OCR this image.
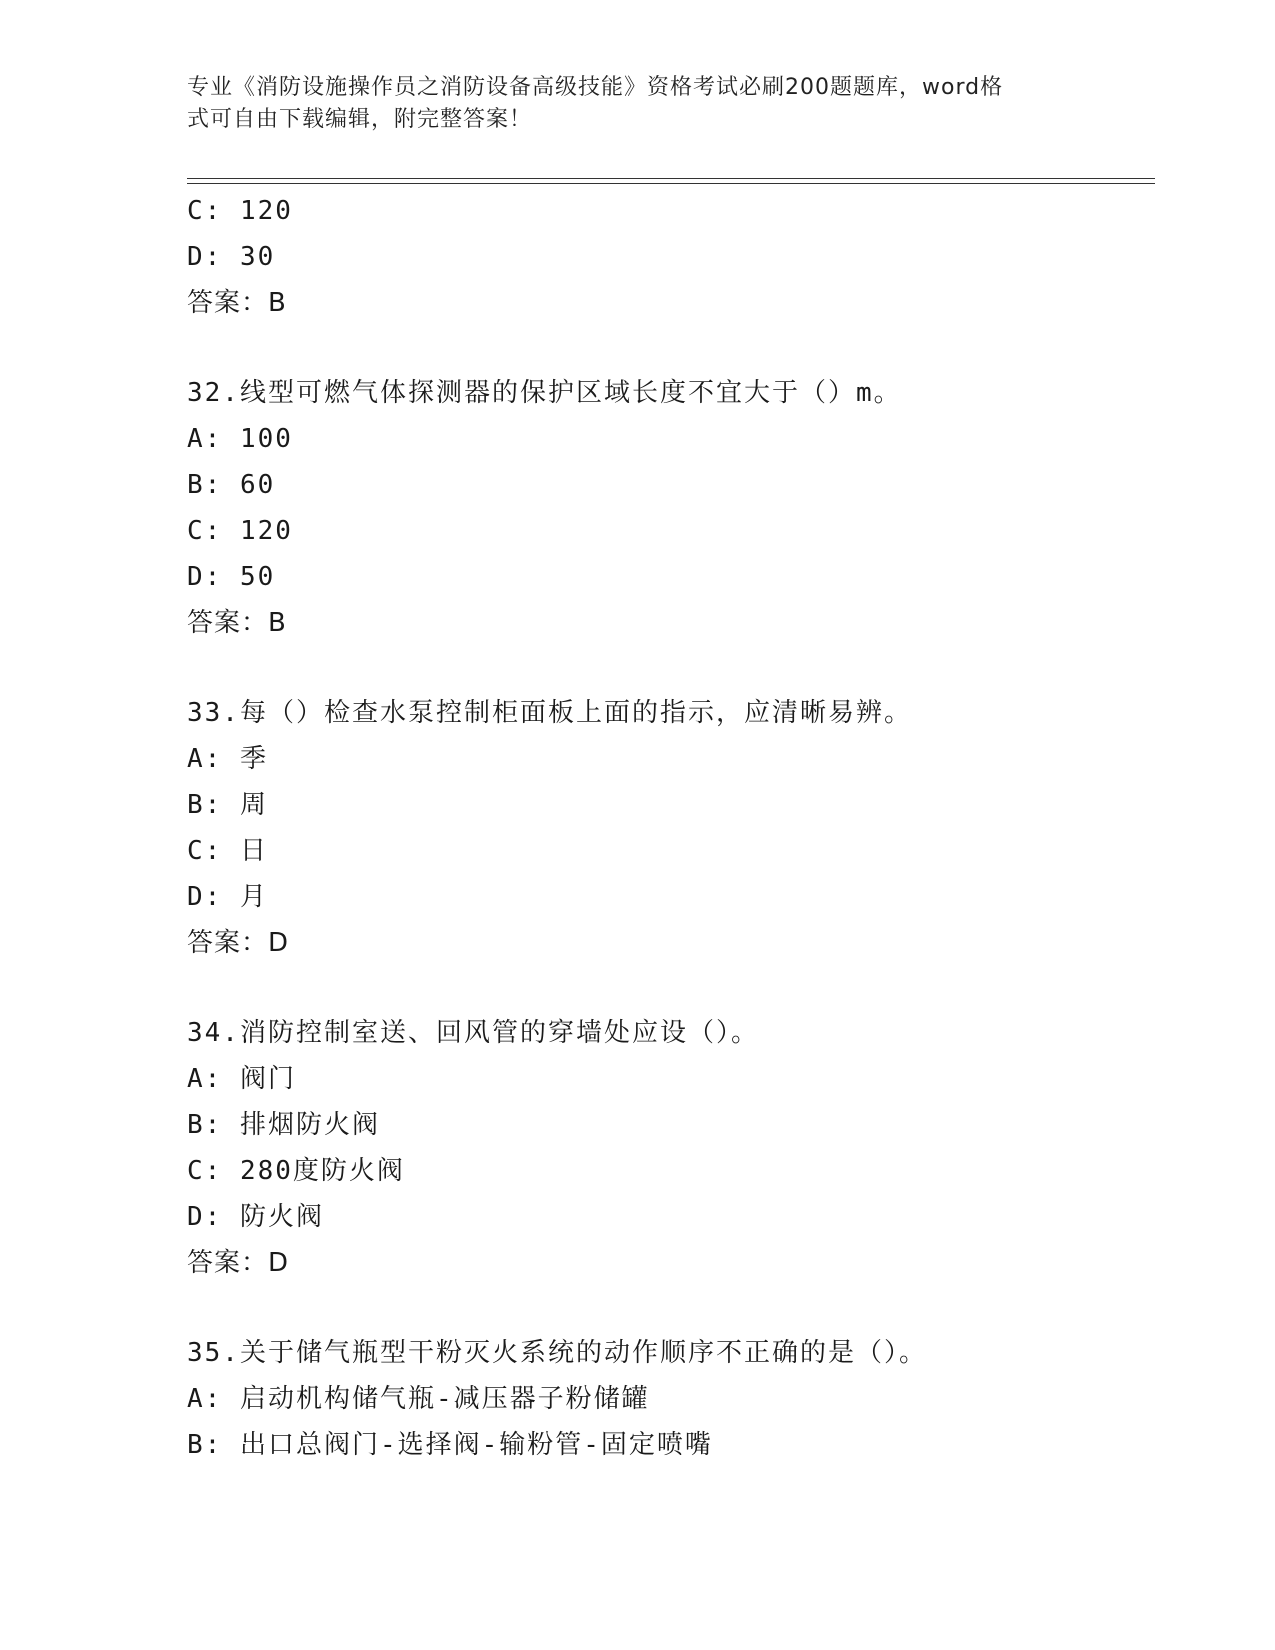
专业《消防设施操作员之消防设备高级技能》资格考试必刷200题题库，word格
式可自由下载编辑，附完整答案！
C: 120
D: 30
答案：B
32.线型可燃气体探测器的保护区域长度不宜大于（）m。
A: 100
B: 60
C: 120
D: 50
答案：B
33.每（）检查水泵控制柜面板上面的指示，应清晰易辨。
A: 季
B: 周
C: 日
D: 月
答案：D
34.消防控制室送、回风管的穿墙处应设（）。
A: 阀门
B: 排烟防火阀
C: 280度防火阀
D: 防火阀
答案：D
35.关于储气瓶型干粉灭火系统的动作顺序不正确的是（）。
A: 启动机构储气瓶-减压器子粉储罐
B: 出口总阀门-选择阀-输粉管-固定喷嘴
